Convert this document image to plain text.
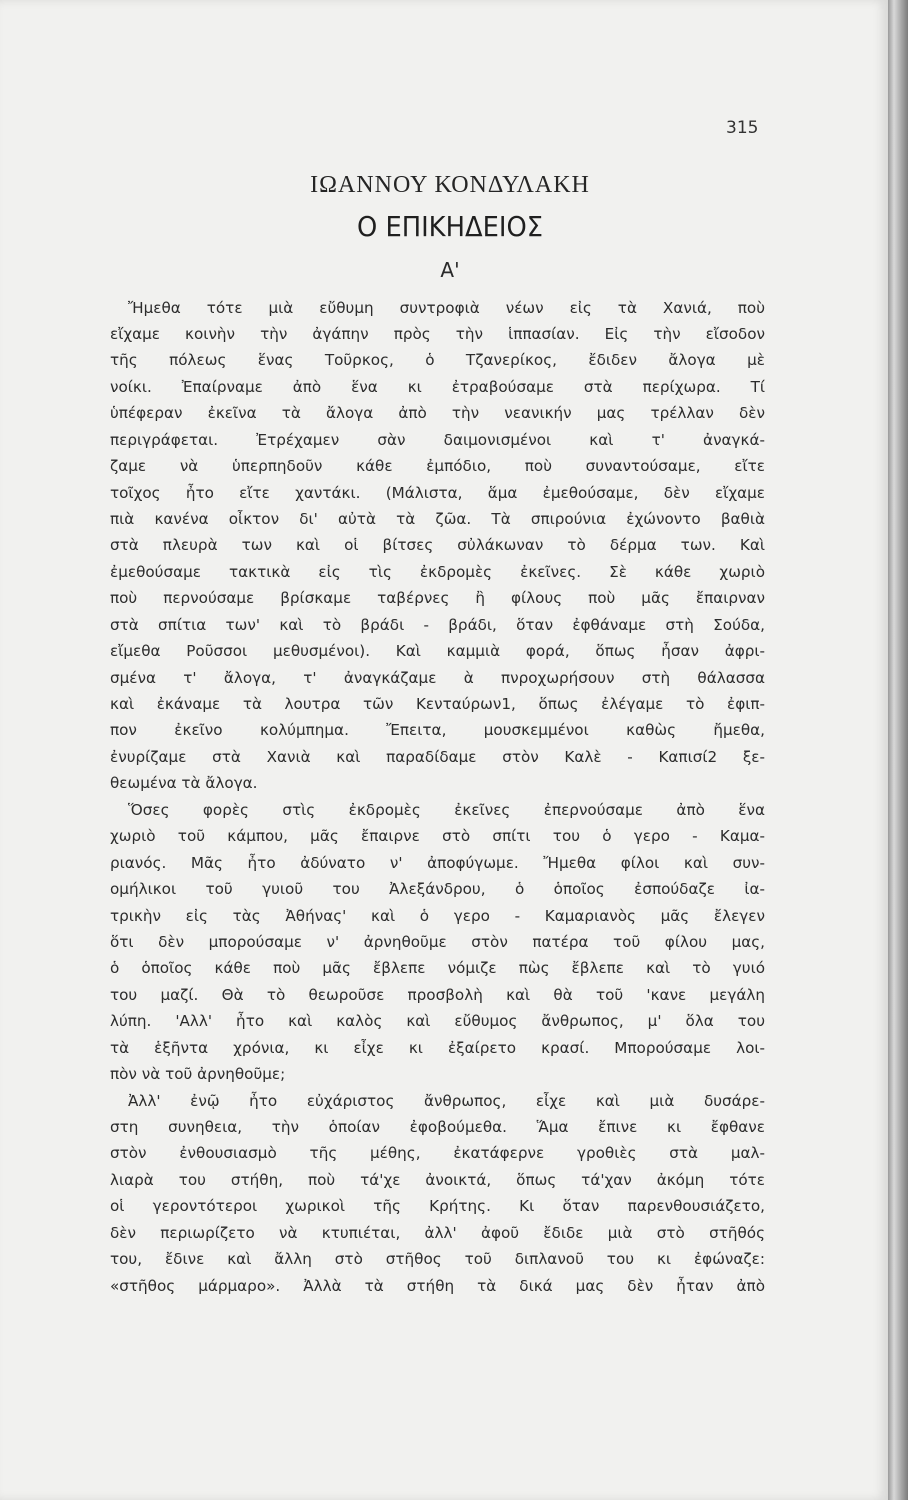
315
ΙΩΑΝΝΟΥ ΚΟΝΔΥΛΑΚΗ
Ο ΕΠΙΚΗΔΕΙΟΣ
Α'
Ἤμεθα τότε μιὰ εὔθυμη συντροφιὰ νέων εἰς τὰ Χανιά, ποὺ
εἴχαμε κοινὴν τὴν ἀγάπην πρὸς τὴν ἱππασίαν. Εἰς τὴν εἴσοδον
τῆς πόλεως ἕνας Τοῦρκος, ὁ Τζανερίκος, ἔδιδεν ἄλογα μὲ
νοίκι. Ἐπαίρναμε ἀπὸ ἕνα κι ἐτραβούσαμε στὰ περίχωρα. Τί
ὑπέφεραν ἐκεῖνα τὰ ἄλογα ἀπὸ τὴν νεανικήν μας τρέλλαν δὲν
περιγράφεται. Ἐτρέχαμεν σὰν δαιμονισμένοι καὶ τ' ἀναγκά-
ζαμε νὰ ὑπερπηδοῦν κάθε ἐμπόδιο, ποὺ συναντούσαμε, εἴτε
τοῖχος ἦτο εἴτε χαντάκι. (Μάλιστα, ἅμα ἐμεθούσαμε, δὲν εἴχαμε
πιὰ κανένα οἶκτον δι' αὐτὰ τὰ ζῶα. Τὰ σπιρούνια ἐχώνοντο βαθιὰ
στὰ πλευρὰ των καὶ οἱ βίτσες σὐλάκωναν τὸ δέρμα των. Καὶ
ἐμεθούσαμε τακτικὰ εἰς τὶς ἐκδρομὲς ἐκεῖνες. Σὲ κάθε χωριὸ
ποὺ περνούσαμε βρίσκαμε ταβέρνες ἢ φίλους ποὺ μᾶς ἔπαιρναν
στὰ σπίτια των' καὶ τὸ βράδι - βράδι, ὅταν ἐφθάναμε στὴ Σούδα,
εἴμεθα Ροῦσσοι μεθυσμένοι). Καὶ καμμιὰ φορά, ὅπως ἦσαν ἀφρι-
σμένα τ' ἄλογα, τ' ἀναγκάζαμε ὰ πνροχωρήσουν στὴ θάλασσα
καὶ ἐκάναμε τὰ λουτρα τῶν Κενταύρων1, ὅπως ἐλέγαμε τὸ ἐφιπ-
πον ἐκεῖνο κολύμπημα. Ἔπειτα, μουσκεμμένοι καθὼς ἤμεθα,
ἐνυρίζαμε στὰ Χανιὰ καὶ παραδίδαμε στὸν Καλὲ - Καπισί2 ξε-
θεωμένα τὰ ἄλογα.
Ὅσες φορὲς στὶς ἐκδρομὲς ἐκεῖνες ἐπερνούσαμε ἀπὸ ἕνα
χωριὸ τοῦ κάμπου, μᾶς ἔπαιρνε στὸ σπίτι του ὁ γερο - Καμα-
ριανός. Μᾶς ἦτο ἀδύνατο ν' ἀποφύγωμε. Ἤμεθα φίλοι καὶ συν-
ομήλικοι τοῦ γυιοῦ του Ἀλεξάνδρου, ὁ ὁποῖος ἐσπούδαζε ἰα-
τρικὴν εἰς τὰς Ἀθήνας' καὶ ὁ γερο - Καμαριανὸς μᾶς ἔλεγεν
ὅτι δὲν μπορούσαμε ν' ἀρνηθοῦμε στὸν πατέρα τοῦ φίλου μας,
ὁ ὁποῖος κάθε ποὺ μᾶς ἔβλεπε νόμιζε πὼς ἔβλεπε καὶ τὸ γυιό
του μαζί. Θὰ τὸ θεωροῦσε προσβολὴ καὶ θὰ τοῦ 'κανε μεγάλη
λύπη. 'Αλλ' ἦτο καὶ καλὸς καὶ εὔθυμος ἄνθρωπος, μ' ὅλα του
τὰ ἑξῆντα χρόνια, κι εἶχε κι ἐξαίρετο κρασί. Μπορούσαμε λοι-
πὸν νὰ τοῦ ἀρνηθοῦμε;
Ἀλλ' ἐνῷ ἦτο εὐχάριστος ἄνθρωπος, εἶχε καὶ μιὰ δυσάρε-
στη συνηθεια, τὴν ὁποίαν ἐφοβούμεθα. Ἅμα ἔπινε κι ἔφθανε
στὸν ἐνθουσιασμὸ τῆς μέθης, ἐκατάφερνε γροθιὲς στὰ μαλ-
λιαρὰ του στήθη, ποὺ τά'χε ἀνοικτά, ὅπως τά'χαν ἀκόμη τότε
οἱ γεροντότεροι χωρικοὶ τῆς Κρήτης. Κι ὅταν παρενθουσιάζετο,
δὲν περιωρίζετο νὰ κτυπιέται, ἀλλ' ἀφοῦ ἔδιδε μιὰ στὸ στῆθός
του, ἔδινε καὶ ἄλλη στὸ στῆθος τοῦ διπλανοῦ του κι ἐφώναζε:
«στῆθος μάρμαρο». Ἀλλὰ τὰ στήθη τὰ δικά μας δὲν ἦταν ἀπὸ
